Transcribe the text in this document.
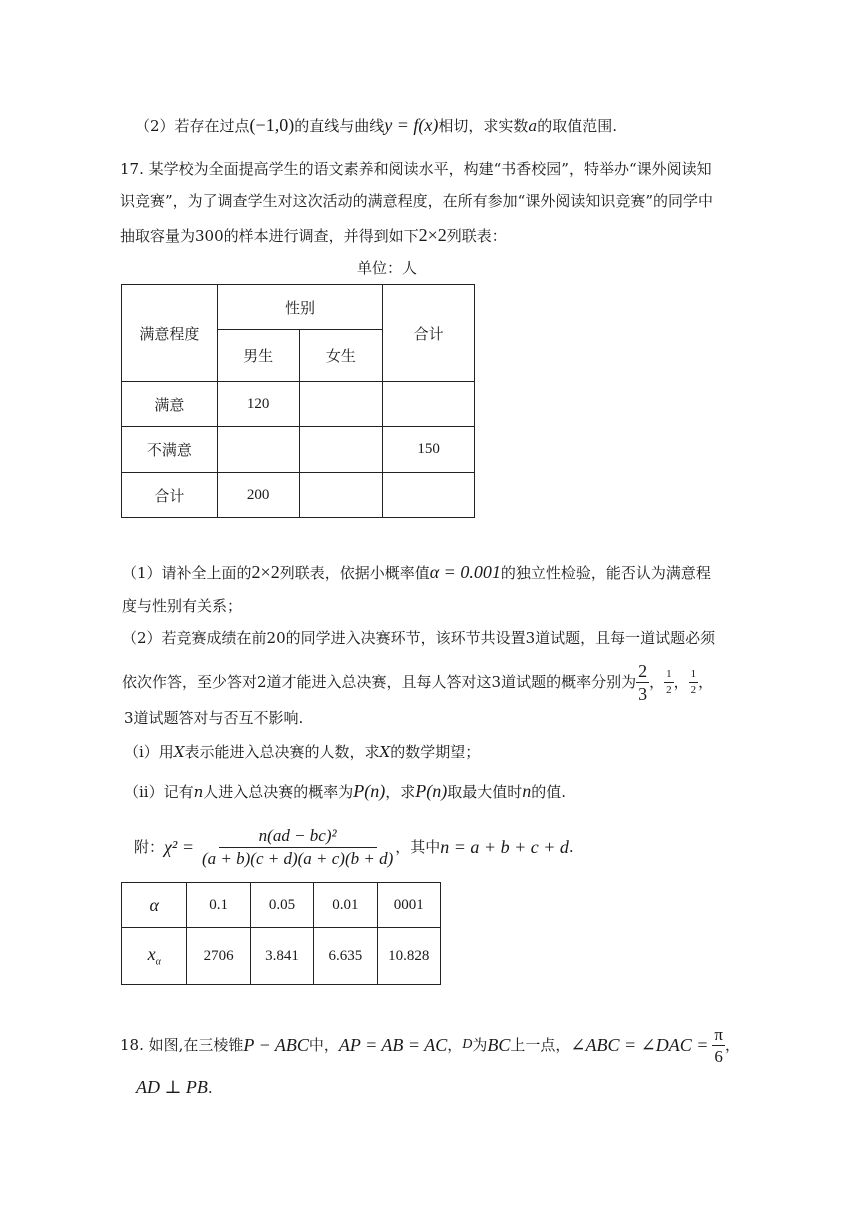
（2）若存在过点(−1,0)的直线与曲线y = f(x)相切，求实数a的取值范围.
17. 某学校为全面提高学生的语文素养和阅读水平，构建“书香校园”，特举办“课外阅读知
识竞赛”，为了调查学生对这次活动的满意程度，在所有参加“课外阅读知识竞赛”的同学中
抽取容量为300的样本进行调查，并得到如下2×2列联表：
单位：人
满意程度	性别		合计
	男生	女生	
满意	120		
不满意			150
合计	200		
（1）请补全上面的2×2列联表，依据小概率值α = 0.001的独立性检验，能否认为满意程
度与性别有关系；
（2）若竞赛成绩在前20的同学进入决赛环节，该环节共设置3道试题，且每一道试题必须
依次作答，至少答对2道才能进入总决赛，且每人答对这3道试题的概率分别为 $\frac{2}{3}$ ， $\frac{1}{2}$ ， $\frac{1}{2}$ ，
3道试题答对与否互不影响.
（i）用X表示能进入总决赛的人数，求X的数学期望；
（ii）记有n人进入总决赛的概率为P(n)，求P(n)取最大值时n的值.
附： $\chi^2 = \frac{\text{n(ad − bc)²}}{(a + b)(c + d)(a + c)(b + d)}$ ，其中 n = a + b + c + d .
α	0.1	0.05	0.01	0001
$x_\alpha$	2706	3.841	6.635	10.828
18. 如图,在三棱锥 P − ABC 中， AP = AB = AC ， D 为 BC 上一点， ∠ABC = ∠DAC = $\frac{\pi}{6}$ ，
AD ⊥ PB.
